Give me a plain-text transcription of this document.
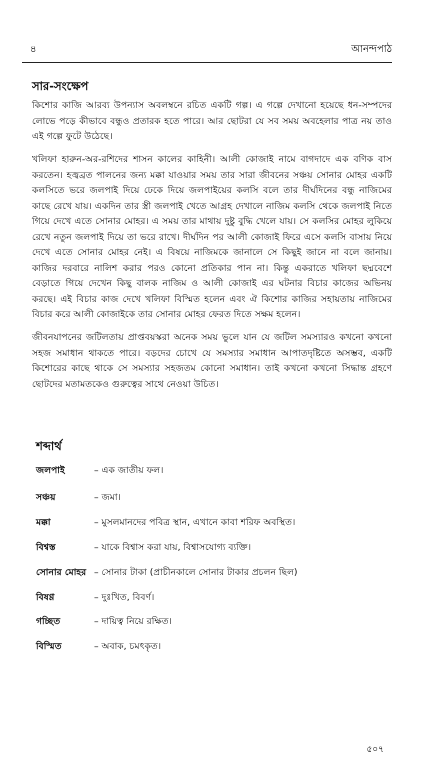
৪	আনন্দপাঠ
সার-সংক্ষেপ

কিশোর কাজি আরব্য উপন্যাস অবলম্বনে রচিত একটি গল্প। এ গল্পে দেখানো হয়েছে ধন-সম্পদের লোভে পড়ে কীভাবে বন্ধুও প্রতারক হতে পারে। আর ছোটরা যে সব সময় অবহেলার পাত্র নয় তাও এই গল্পে ফুটে উঠেছে।

খলিফা হারুন-অর-রশিদের শাসন কালের কাহিনী। আলী কোজাই নামে বাগদাদে এক বণিক বাস করতেন। হজ্বব্রত পালনের জন্য মক্কা যাওয়ার সময় তার সারা জীবনের সঞ্চয় সোনার মোহর একটি কলসিতে ভরে জলপাই দিয়ে ঢেকে দিয়ে জলপাইয়ের কলসি বলে তার দীর্ঘদিনের বন্ধু নাজিমের কাছে রেখে যায়। একদিন তার স্ত্রী জলপাই খেতে আগ্রহ দেখালে নাজিম কলসি থেকে জলপাই নিতে গিয়ে দেখে এতে সোনার মোহর। এ সময় তার মাথায় দুষ্টু বুদ্ধি খেলে যায়। সে কলসির মোহর লুকিয়ে রেখে নতুন জলপাই দিয়ে তা ভরে রাখে। দীর্ঘদিন পর আলী কোজাই ফিরে এসে কলসি বাসায় নিয়ে দেখে এতে সোনার মোহর নেই। এ বিষয়ে নাজিমকে জানালে সে কিছুই জানে না বলে জানায়। কাজির দরবারে নালিশ করার পরও কোনো প্রতিকার পান না। কিন্তু একরাতে খলিফা ছদ্মবেশে বেড়াতে গিয়ে দেখেন কিছু বালক নাজিম ও আলী কোজাই এর ঘটনার বিচার কাজের অভিনয় করছে। এই বিচার কাজ দেখে খলিফা বিস্মিত হলেন এবং ঐ কিশোর কাজির সহায়তায় নাজিমের বিচার করে আলী কোজাইকে তার সোনার মোহর ফেরত দিতে সক্ষম হলেন।

জীবনযাপনের জটিলতায় প্রাপ্তবয়স্করা অনেক সময় ভুলে যান যে জটিল সমস্যারও কখনো কখনো সহজ সমাধান থাকতে পারে। বড়দের চোখে যে সমস্যার সমাধান আপাতদৃষ্টিতে অসম্ভব, একটি কিশোরের কাছে থাকে সে সমস্যার সহজতম কোনো সমাধান। তাই কখনো কখনো সিদ্ধান্ত গ্রহণে ছোটদের মতামতকেও গুরুত্বের সাথে নেওয়া উচিত।

শব্দার্থ
জলপাই	– এক জাতীয় ফল।
সঞ্চয়	– জমা।
মক্কা	– মুসলমানদের পবিত্র স্থান, এখানে কাবা শরিফ অবস্থিত।
বিশ্বস্ত	– যাকে বিশ্বাস করা যায়, বিশ্বাসযোগ্য ব্যক্তি।
সোনার মোহর – সোনার টাকা (প্রাচীনকালে সোনার টাকার প্রচলন ছিল)
বিষণ্ণ	– দুঃখিত, বিবর্ণ।
গচ্ছিত	– দায়িত্ব নিয়ে রক্ষিত।
বিস্মিত	– অবাক, চমৎকৃত।
৫০৭
